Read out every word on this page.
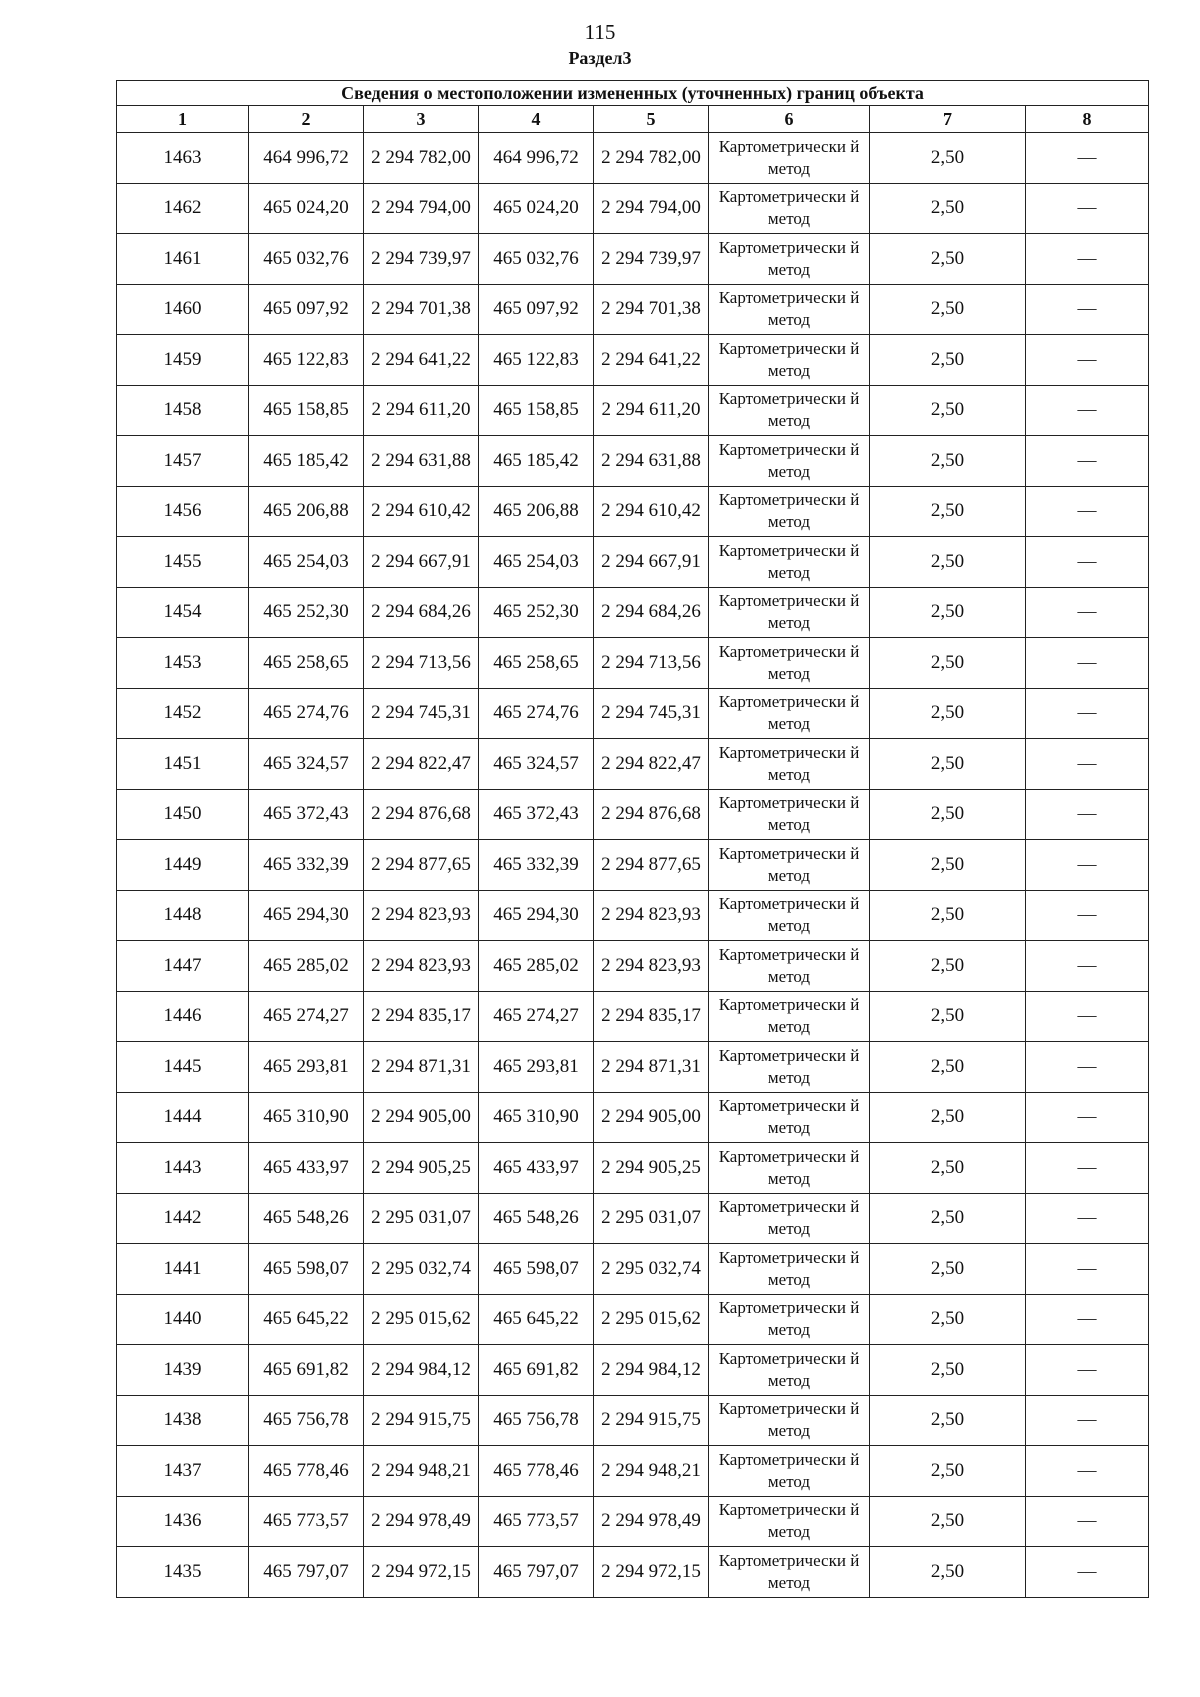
115
Раздел3
Сведения о местоположении измененных (уточненных) границ объекта							
1	2	3	4	5	6	7	8
1463	464 996,72	2 294 782,00	464 996,72	2 294 782,00	Картометрически й метод	2,50	—
1462	465 024,20	2 294 794,00	465 024,20	2 294 794,00	Картометрически й метод	2,50	—
1461	465 032,76	2 294 739,97	465 032,76	2 294 739,97	Картометрически й метод	2,50	—
1460	465 097,92	2 294 701,38	465 097,92	2 294 701,38	Картометрически й метод	2,50	—
1459	465 122,83	2 294 641,22	465 122,83	2 294 641,22	Картометрически й метод	2,50	—
1458	465 158,85	2 294 611,20	465 158,85	2 294 611,20	Картометрически й метод	2,50	—
1457	465 185,42	2 294 631,88	465 185,42	2 294 631,88	Картометрически й метод	2,50	—
1456	465 206,88	2 294 610,42	465 206,88	2 294 610,42	Картометрически й метод	2,50	—
1455	465 254,03	2 294 667,91	465 254,03	2 294 667,91	Картометрически й метод	2,50	—
1454	465 252,30	2 294 684,26	465 252,30	2 294 684,26	Картометрически й метод	2,50	—
1453	465 258,65	2 294 713,56	465 258,65	2 294 713,56	Картометрически й метод	2,50	—
1452	465 274,76	2 294 745,31	465 274,76	2 294 745,31	Картометрически й метод	2,50	—
1451	465 324,57	2 294 822,47	465 324,57	2 294 822,47	Картометрически й метод	2,50	—
1450	465 372,43	2 294 876,68	465 372,43	2 294 876,68	Картометрически й метод	2,50	—
1449	465 332,39	2 294 877,65	465 332,39	2 294 877,65	Картометрически й метод	2,50	—
1448	465 294,30	2 294 823,93	465 294,30	2 294 823,93	Картометрически й метод	2,50	—
1447	465 285,02	2 294 823,93	465 285,02	2 294 823,93	Картометрически й метод	2,50	—
1446	465 274,27	2 294 835,17	465 274,27	2 294 835,17	Картометрически й метод	2,50	—
1445	465 293,81	2 294 871,31	465 293,81	2 294 871,31	Картометрически й метод	2,50	—
1444	465 310,90	2 294 905,00	465 310,90	2 294 905,00	Картометрически й метод	2,50	—
1443	465 433,97	2 294 905,25	465 433,97	2 294 905,25	Картометрически й метод	2,50	—
1442	465 548,26	2 295 031,07	465 548,26	2 295 031,07	Картометрически й метод	2,50	—
1441	465 598,07	2 295 032,74	465 598,07	2 295 032,74	Картометрически й метод	2,50	—
1440	465 645,22	2 295 015,62	465 645,22	2 295 015,62	Картометрически й метод	2,50	—
1439	465 691,82	2 294 984,12	465 691,82	2 294 984,12	Картометрически й метод	2,50	—
1438	465 756,78	2 294 915,75	465 756,78	2 294 915,75	Картометрически й метод	2,50	—
1437	465 778,46	2 294 948,21	465 778,46	2 294 948,21	Картометрически й метод	2,50	—
1436	465 773,57	2 294 978,49	465 773,57	2 294 978,49	Картометрически й метод	2,50	—
1435	465 797,07	2 294 972,15	465 797,07	2 294 972,15	Картометрически й метод	2,50	—
